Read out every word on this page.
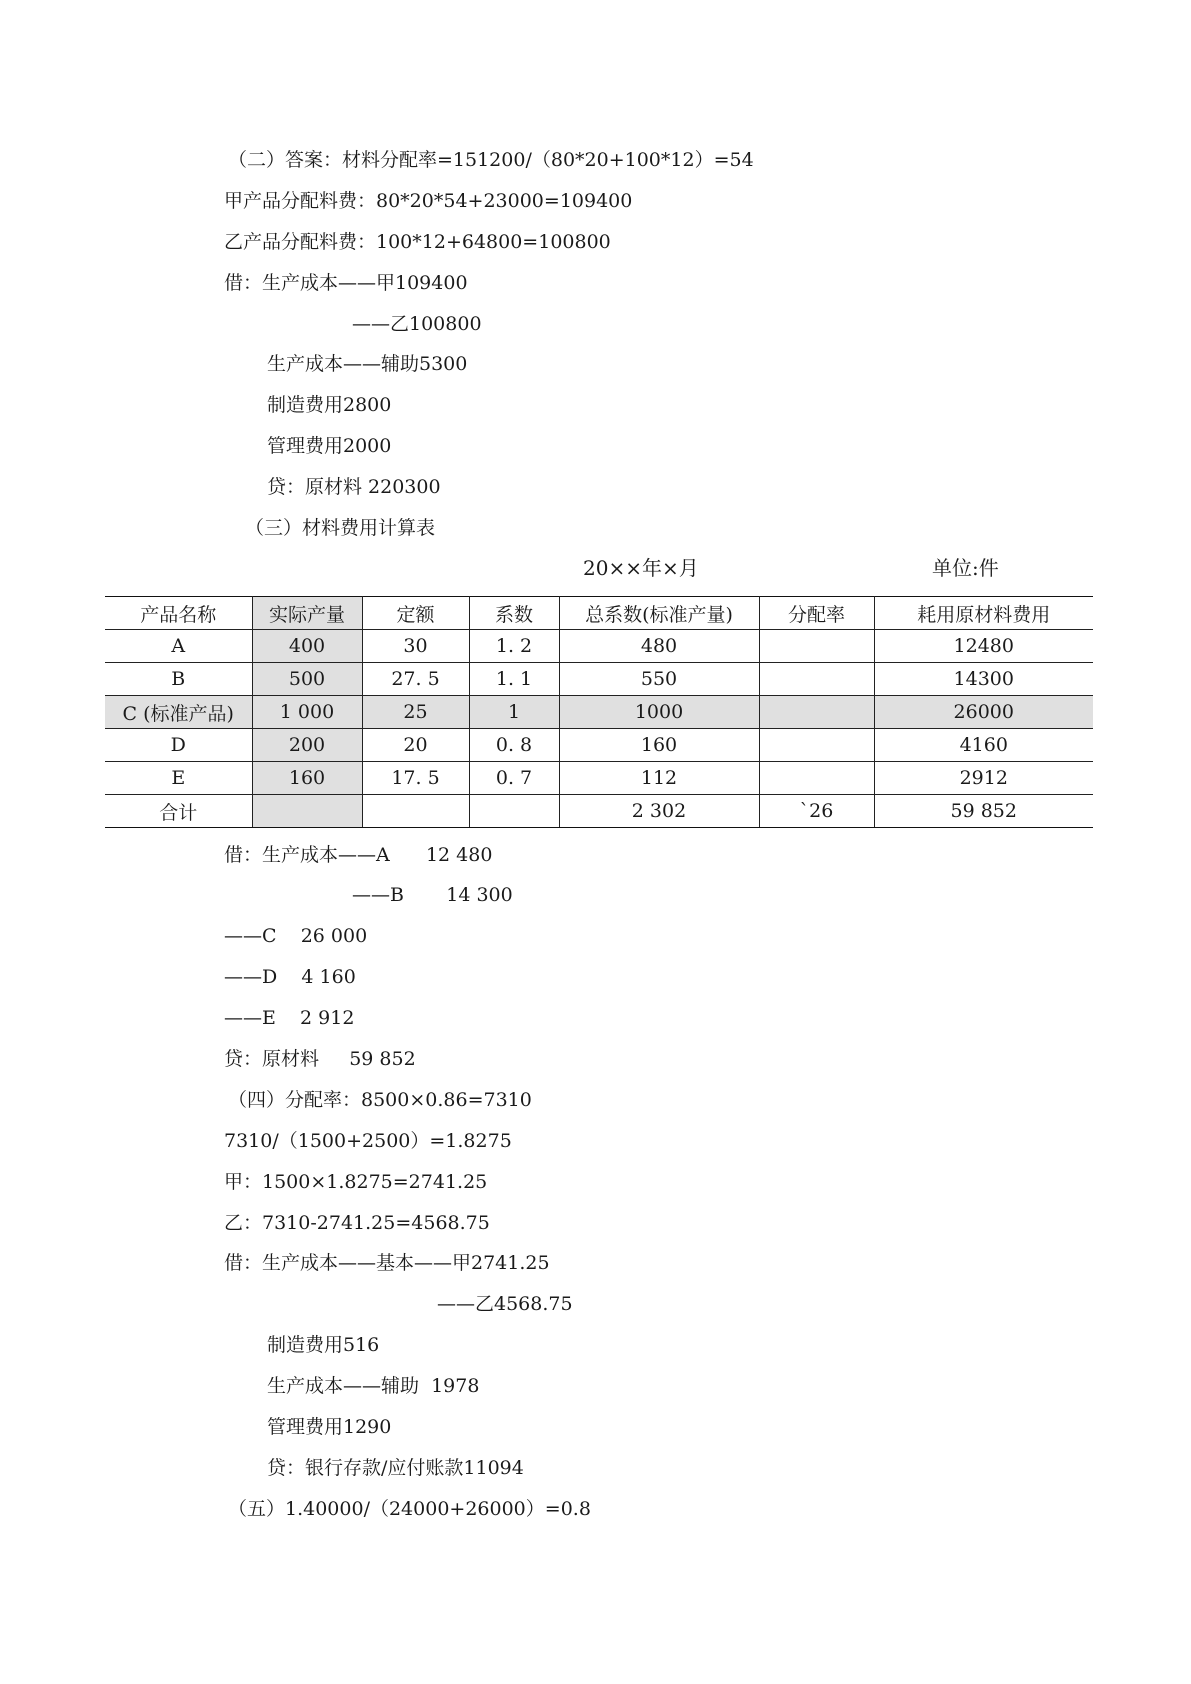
（二）答案：材料分配率=151200/（80*20+100*12）=54
甲产品分配料费：80*20*54+23000=109400
乙产品分配料费：100*12+64800=100800
借：生产成本——甲109400
——乙100800
生产成本——辅助5300
制造费用2800
管理费用2000
贷：原材料 220300
（三）材料费用计算表
20××年×月	单位:件
产品名称	实际产量	定额	系数	总系数(标准产量)	分配率	耗用原材料费用
A	400	30	1. 2	480		12480
B	500	27. 5	1. 1	550		14300
C (标准产品)	1 000	25	1	1000		26000
D	200	20	0. 8	160		4160
E	160	17. 5	0. 7	112		2912
合计				2 302	`26	59 852
借：生产成本——A      12 480
——B       14 300
——C    26 000
——D    4 160
——E    2 912
贷：原材料     59 852
（四）分配率：8500×0.86=7310
7310/（1500+2500）=1.8275
甲：1500×1.8275=2741.25
乙：7310-2741.25=4568.75
借：生产成本——基本——甲2741.25
——乙4568.75
制造费用516
生产成本——辅助  1978
管理费用1290
贷：银行存款/应付账款11094
（五）1.40000/（24000+26000）=0.8
